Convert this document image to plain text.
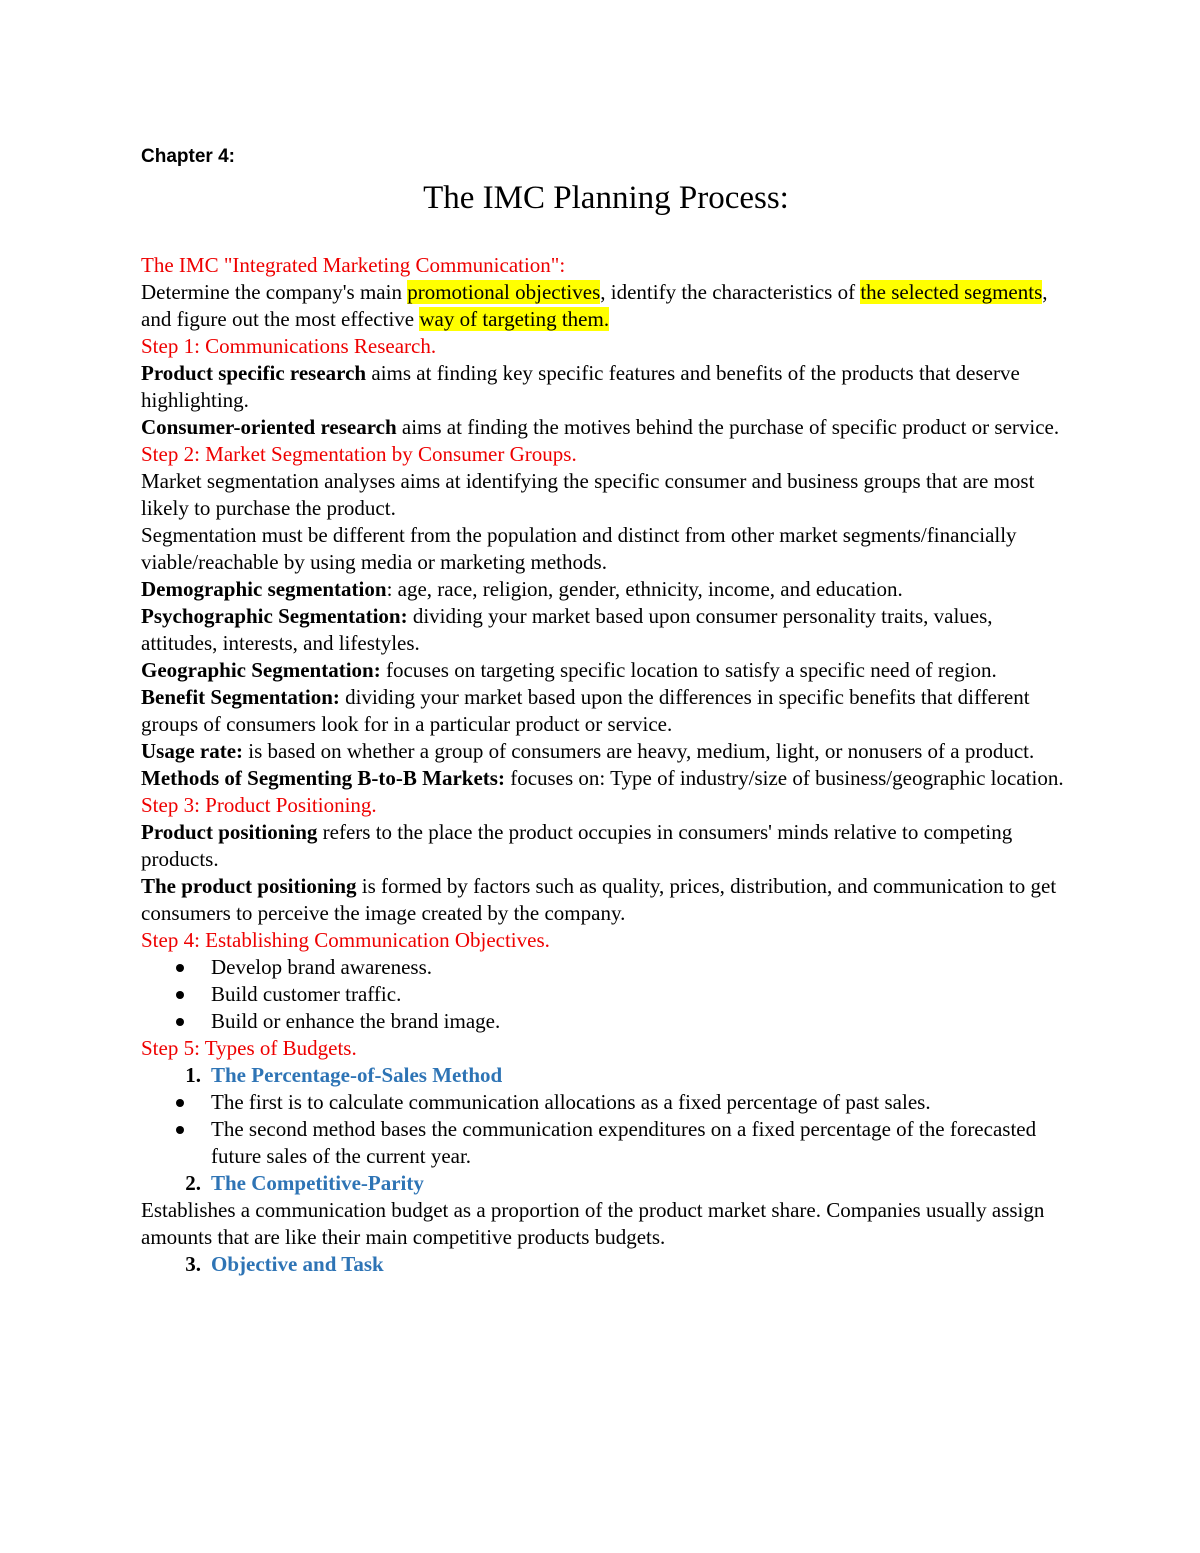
Chapter 4:

The IMC Planning Process:

The IMC "Integrated Marketing Communication":

Determine the company's main promotional objectives, identify the characteristics of the selected segments, and figure out the most effective way of targeting them.

Step 1: Communications Research.

Product specific research aims at finding key specific features and benefits of the products that deserve highlighting.

Consumer-oriented research aims at finding the motives behind the purchase of specific product or service.

Step 2: Market Segmentation by Consumer Groups.

Market segmentation analyses aims at identifying the specific consumer and business groups that are most likely to purchase the product.

Segmentation must be different from the population and distinct from other market segments/financially viable/reachable by using media or marketing methods.

Demographic segmentation: age, race, religion, gender, ethnicity, income, and education.

Psychographic Segmentation: dividing your market based upon consumer personality traits, values, attitudes, interests, and lifestyles.

Geographic Segmentation: focuses on targeting specific location to satisfy a specific need of region.

Benefit Segmentation: dividing your market based upon the differences in specific benefits that different groups of consumers look for in a particular product or service.

Usage rate: is based on whether a group of consumers are heavy, medium, light, or nonusers of a product.

Methods of Segmenting B-to-B Markets: focuses on: Type of industry/size of business/geographic location.

Step 3: Product Positioning.

Product positioning refers to the place the product occupies in consumers' minds relative to competing products.

The product positioning is formed by factors such as quality, prices, distribution, and communication to get consumers to perceive the image created by the company.

Step 4: Establishing Communication Objectives.

Develop brand awareness.
Build customer traffic.
Build or enhance the brand image.

Step 5: Types of Budgets.

1. The Percentage-of-Sales Method
The first is to calculate communication allocations as a fixed percentage of past sales.
The second method bases the communication expenditures on a fixed percentage of the forecasted future sales of the current year.
2. The Competitive-Parity

Establishes a communication budget as a proportion of the product market share. Companies usually assign amounts that are like their main competitive products budgets.

3. Objective and Task
